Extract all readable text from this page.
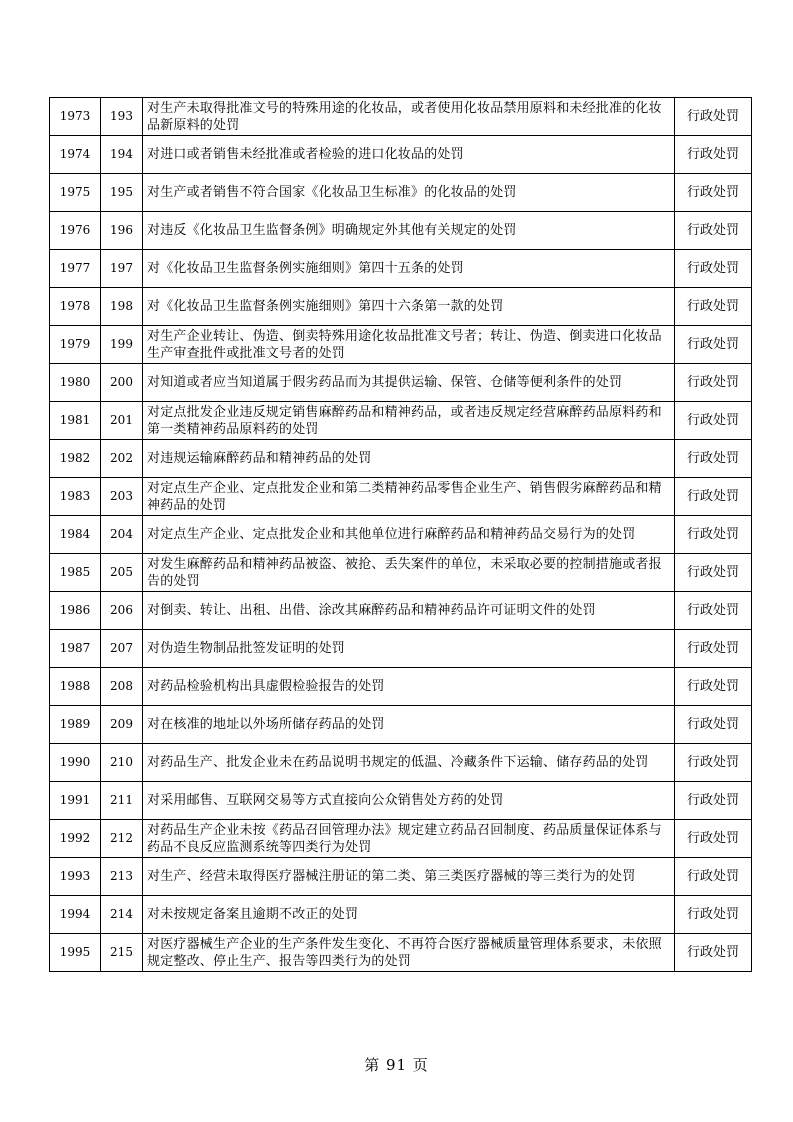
1973	193	对生产未取得批准文号的特殊用途的化妆品，或者使用化妆品禁用原料和未经批准的化妆品新原料的处罚	行政处罚
1974	194	对进口或者销售未经批准或者检验的进口化妆品的处罚	行政处罚
1975	195	对生产或者销售不符合国家《化妆品卫生标准》的化妆品的处罚	行政处罚
1976	196	对违反《化妆品卫生监督条例》明确规定外其他有关规定的处罚	行政处罚
1977	197	对《化妆品卫生监督条例实施细则》第四十五条的处罚	行政处罚
1978	198	对《化妆品卫生监督条例实施细则》第四十六条第一款的处罚	行政处罚
1979	199	对生产企业转让、伪造、倒卖特殊用途化妆品批准文号者；转让、伪造、倒卖进口化妆品生产审查批件或批准文号者的处罚	行政处罚
1980	200	对知道或者应当知道属于假劣药品而为其提供运输、保管、仓储等便利条件的处罚	行政处罚
1981	201	对定点批发企业违反规定销售麻醉药品和精神药品，或者违反规定经营麻醉药品原料药和第一类精神药品原料药的处罚	行政处罚
1982	202	对违规运输麻醉药品和精神药品的处罚	行政处罚
1983	203	对定点生产企业、定点批发企业和第二类精神药品零售企业生产、销售假劣麻醉药品和精神药品的处罚	行政处罚
1984	204	对定点生产企业、定点批发企业和其他单位进行麻醉药品和精神药品交易行为的处罚	行政处罚
1985	205	对发生麻醉药品和精神药品被盗、被抢、丢失案件的单位，未采取必要的控制措施或者报告的处罚	行政处罚
1986	206	对倒卖、转让、出租、出借、涂改其麻醉药品和精神药品许可证明文件的处罚	行政处罚
1987	207	对伪造生物制品批签发证明的处罚	行政处罚
1988	208	对药品检验机构出具虚假检验报告的处罚	行政处罚
1989	209	对在核准的地址以外场所储存药品的处罚	行政处罚
1990	210	对药品生产、批发企业未在药品说明书规定的低温、冷藏条件下运输、储存药品的处罚	行政处罚
1991	211	对采用邮售、互联网交易等方式直接向公众销售处方药的处罚	行政处罚
1992	212	对药品生产企业未按《药品召回管理办法》规定建立药品召回制度、药品质量保证体系与药品不良反应监测系统等四类行为处罚	行政处罚
1993	213	对生产、经营未取得医疗器械注册证的第二类、第三类医疗器械的等三类行为的处罚	行政处罚
1994	214	对未按规定备案且逾期不改正的处罚	行政处罚
1995	215	对医疗器械生产企业的生产条件发生变化、不再符合医疗器械质量管理体系要求，未依照规定整改、停止生产、报告等四类行为的处罚	行政处罚
第 91 页
